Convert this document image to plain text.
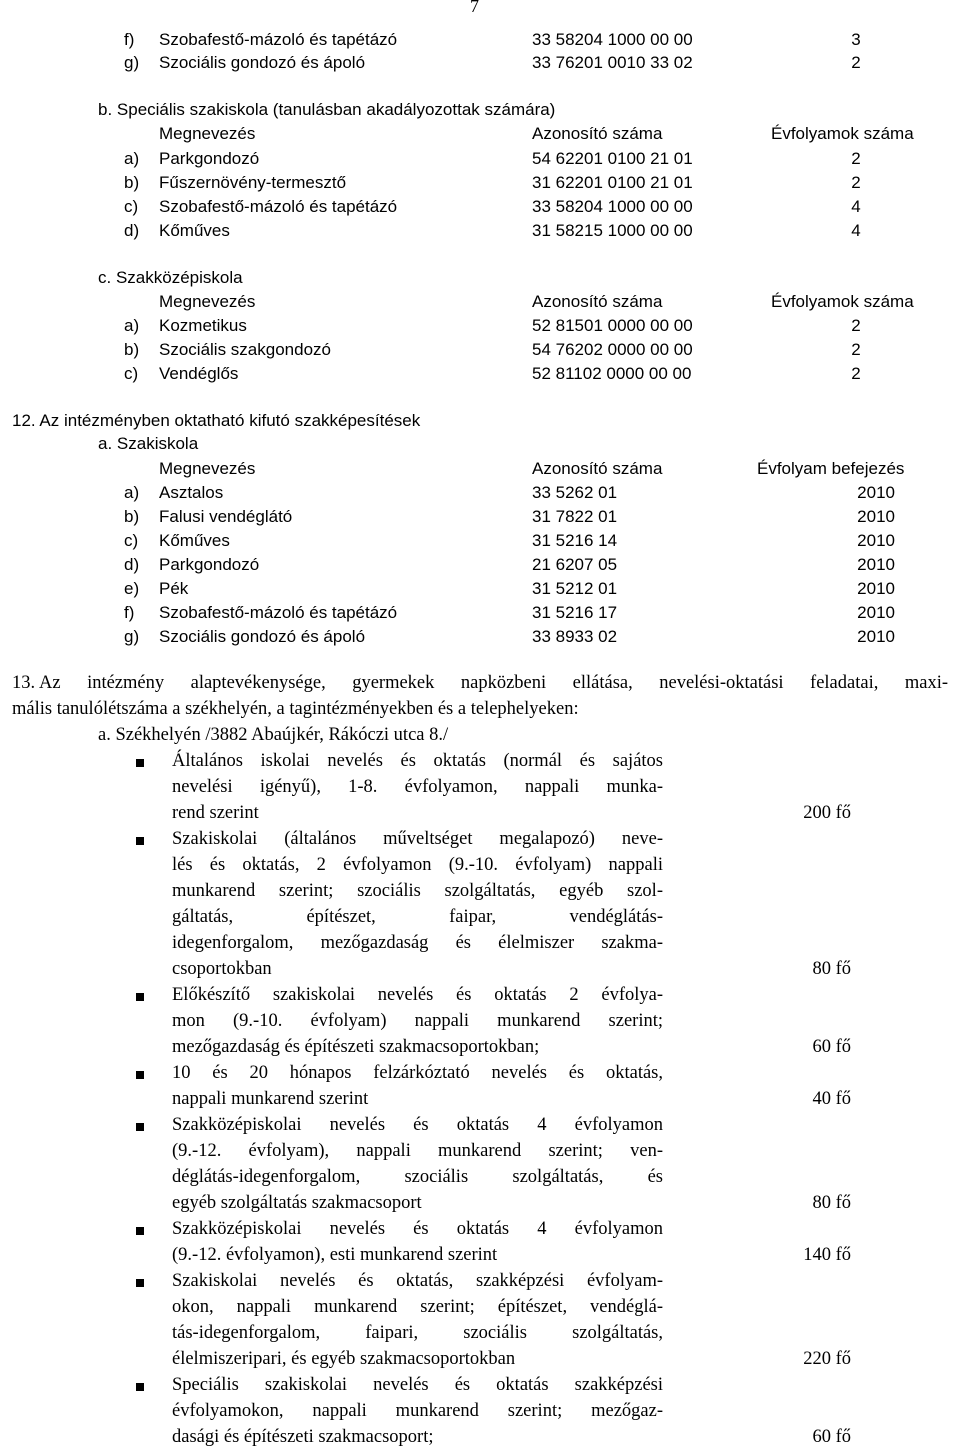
7
f) Szobafestő-mázoló és tapétázó	33 58204 1000 00 00	3
g) Szociális gondozó és ápoló	33 76201 0010 33 02	2
b. Speciális szakiskola (tanulásban akadályozottak számára)
Megnevezés	Azonosító száma	Évfolyamok száma
a) Parkgondozó	54 62201 0100 21 01	2
b) Fűszernövény-termesztő	31 62201 0100 21 01	2
c) Szobafestő-mázoló és tapétázó	33 58204 1000 00 00	4
d) Kőműves	31 58215 1000 00 00	4
c. Szakközépiskola
Megnevezés	Azonosító száma	Évfolyamok száma
a) Kozmetikus	52 81501 0000 00 00	2
b) Szociális szakgondozó	54 76202 0000 00 00	2
c) Vendéglős	52 81102 0000 00 00	2
12. Az intézményben oktatható kifutó szakképesítések
a. Szakiskola
Megnevezés	Azonosító száma	Évfolyam befejezés
a) Asztalos	33 5262 01	2010
b) Falusi vendéglátó	31 7822 01	2010
c) Kőműves	31 5216 14	2010
d) Parkgondozó	21 6207 05	2010
e) Pék	31 5212 01	2010
f) Szobafestő-mázoló és tapétázó	31 5216 17	2010
g) Szociális gondozó és ápoló	33 8933 02	2010
13. Az intézmény alaptevékenysége, gyermekek napközbeni ellátása, nevelési-oktatási feladatai, maxi-
mális tanulólétszáma a székhelyén, a tagintézményekben és a telephelyeken:
a. Székhelyén /3882 Abaújkér, Rákóczi utca 8./
Általános iskolai nevelés és oktatás (normál és sajátos
nevelési igényű), 1-8. évfolyamon, nappali munka-
rend szerint	200 fő
Szakiskolai (általános műveltséget megalapozó) neve-
lés és oktatás, 2 évfolyamon (9.-10. évfolyam) nappali
munkarend szerint; szociális szolgáltatás, egyéb szol-
gáltatás, építészet, faipar, vendéglátás-
idegenforgalom, mezőgazdaság és élelmiszer szakma-
csoportokban	80 fő
Előkészítő szakiskolai nevelés és oktatás 2 évfolya-
mon (9.-10. évfolyam) nappali munkarend szerint;
mezőgazdaság és építészeti szakmacsoportokban;	60 fő
10 és 20 hónapos felzárkóztató nevelés és oktatás,
nappali munkarend szerint	40 fő
Szakközépiskolai nevelés és oktatás 4 évfolyamon
(9.-12. évfolyam), nappali munkarend szerint; ven-
déglátás-idegenforgalom, szociális szolgáltatás, és
egyéb szolgáltatás szakmacsoport	80 fő
Szakközépiskolai nevelés és oktatás 4 évfolyamon
(9.-12. évfolyamon), esti munkarend szerint	140 fő
Szakiskolai nevelés és oktatás, szakképzési évfolyam-
okon, nappali munkarend szerint; építészet, vendéglá-
tás-idegenforgalom, faipari, szociális szolgáltatás,
élelmiszeripari, és egyéb szakmacsoportokban	220 fő
Speciális szakiskolai nevelés és oktatás szakképzési
évfolyamokon, nappali munkarend szerint; mezőgaz-
dasági és építészeti szakmacsoport;	60 fő
